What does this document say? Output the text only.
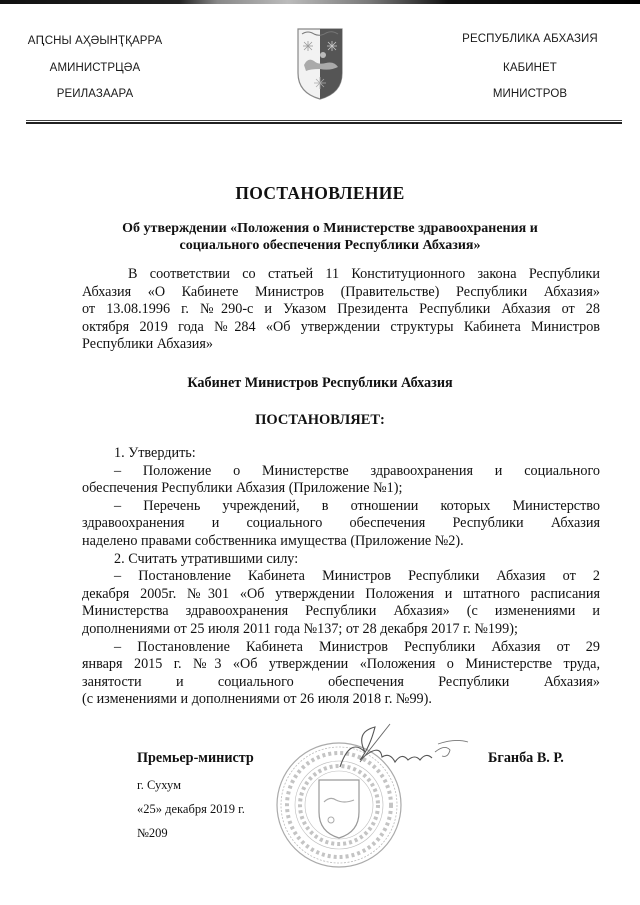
АԤСНЫ АҲӘЫНҬҚАРРА
АМИНИСТРЦӘА
РЕИЛАЗААРА
РЕСПУБЛИКА АБХАЗИЯ
КАБИНЕТ
МИНИСТРОВ
ПОСТАНОВЛЕНИЕ
Об утверждении «Положения о Министерстве здравоохранения и
социального обеспечения Республики Абхазия»
В соответствии со статьей 11 Конституционного закона Республики
Абхазия «О Кабинете Министров (Правительстве) Республики Абхазия»
от 13.08.1996 г. №290-с и Указом Президента Республики Абхазия от 28
октября 2019 года №284 «Об утверждении структуры Кабинета Министров
Республики Абхазия»
Кабинет Министров Республики Абхазия
ПОСТАНОВЛЯЕТ:
1. Утвердить:
– Положение о Министерстве здравоохранения и социального
обеспечения Республики Абхазия (Приложение №1);
– Перечень учреждений, в отношении которых Министерство
здравоохранения и социального обеспечения Республики Абхазия
наделено правами собственника имущества (Приложение №2).
2. Считать утратившими силу:
– Постановление Кабинета Министров Республики Абхазия от 2
декабря 2005г. №301 «Об утверждении Положения и штатного расписания
Министерства здравоохранения Республики Абхазия» (с изменениями и
дополнениями от 25 июля 2011 года №137; от 28 декабря 2017 г. №199);
– Постановление Кабинета Министров Республики Абхазия от 29
января 2015 г. №3 «Об утверждении «Положения о Министерстве труда,
занятости и социального обеспечения Республики Абхазия»
(с изменениями и дополнениями от 26 июля 2018 г. №99).
Премьер-министр	Бганба В. Р.
г. Сухум
«25» декабря 2019 г.
№209
